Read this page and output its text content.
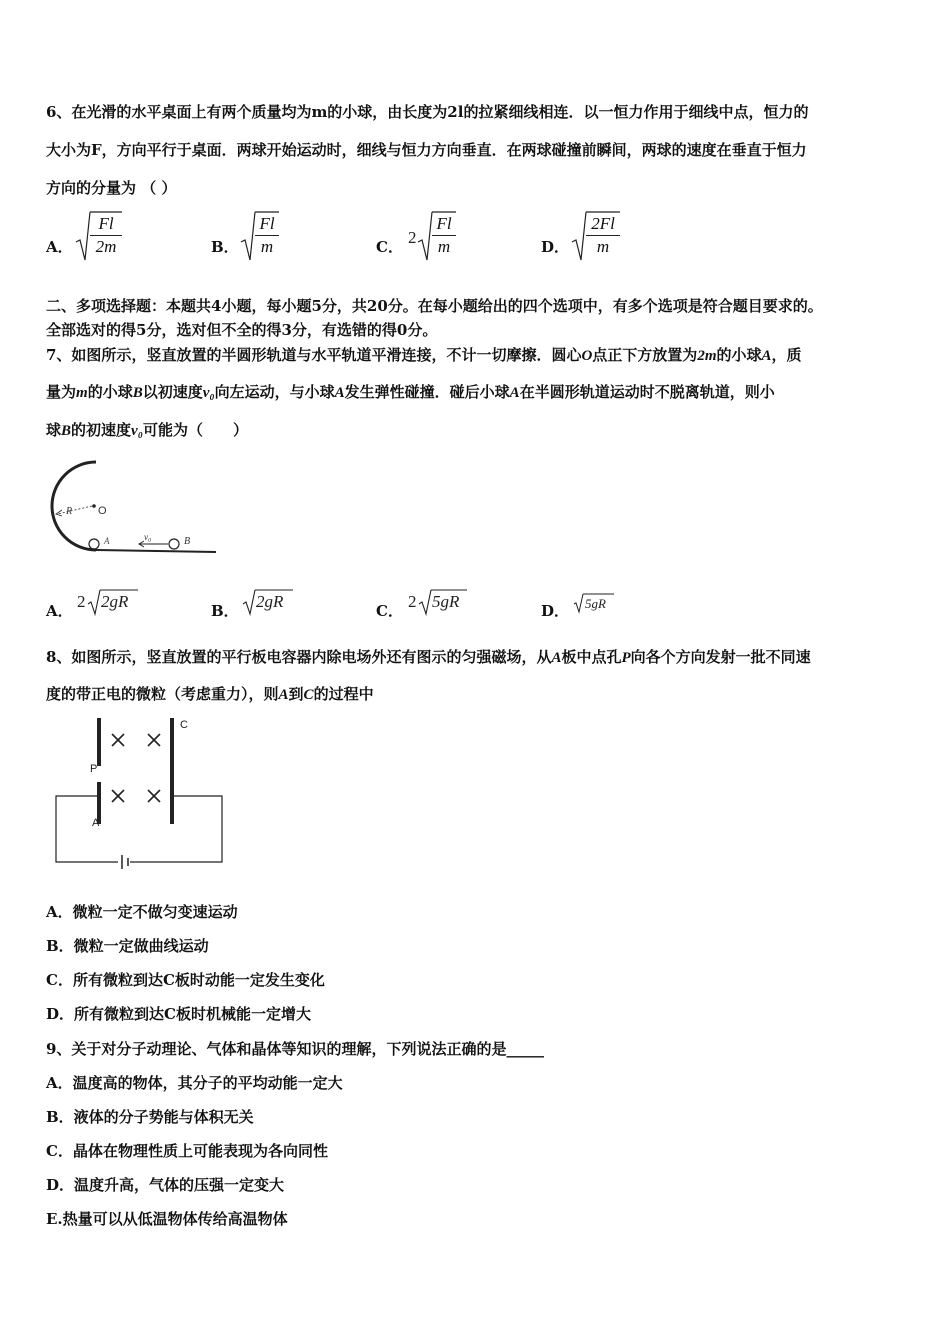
6、在光滑的水平桌面上有两个质量均为m的小球，由长度为2l的拉紧细线相连．以一恒力作用于细线中点，恒力的
大小为F，方向平行于桌面．两球开始运动时，细线与恒力方向垂直．在两球碰撞前瞬间，两球的速度在垂直于恒力
方向的分量为 （ ）
A． $\frac{Fl}{2m}$	B． $\frac{Fl}{m}$	C． $2 \frac{Fl}{m}$	D． $\frac{2Fl}{m}$
二、多项选择题：本题共4小题，每小题5分，共20分。在每小题给出的四个选项中，有多个选项是符合题目要求的。
全部选对的得5分，选对但不全的得3分，有选错的得0分。
7、如图所示，竖直放置的半圆形轨道与水平轨道平滑连接，不计一切摩擦．圆心O点正下方放置为2m的小球A，质
量为m的小球B以初速度v₀向左运动，与小球A发生弹性碰撞．碰后小球A在半圆形轨道运动时不脱离轨道，则小
球B的初速度v₀可能为（　　）
R O
A	v₀	B
A． 2 2gR	B． 2gR	C． 2 5gR	D． 5gR
8、如图所示，竖直放置的平行板电容器内除电场外还有图示的匀强磁场，从A板中点孔P向各个方向发射一批不同速
度的带正电的微粒（考虑重力），则A到C的过程中
P
A
C
A．微粒一定不做匀变速运动
B．微粒一定做曲线运动
C．所有微粒到达C板时动能一定发生变化
D．所有微粒到达C板时机械能一定增大
9、关于对分子动理论、气体和晶体等知识的理解，下列说法正确的是_____
A．温度高的物体，其分子的平均动能一定大
B．液体的分子势能与体积无关
C．晶体在物理性质上可能表现为各向同性
D．温度升高，气体的压强一定变大
E.热量可以从低温物体传给高温物体
